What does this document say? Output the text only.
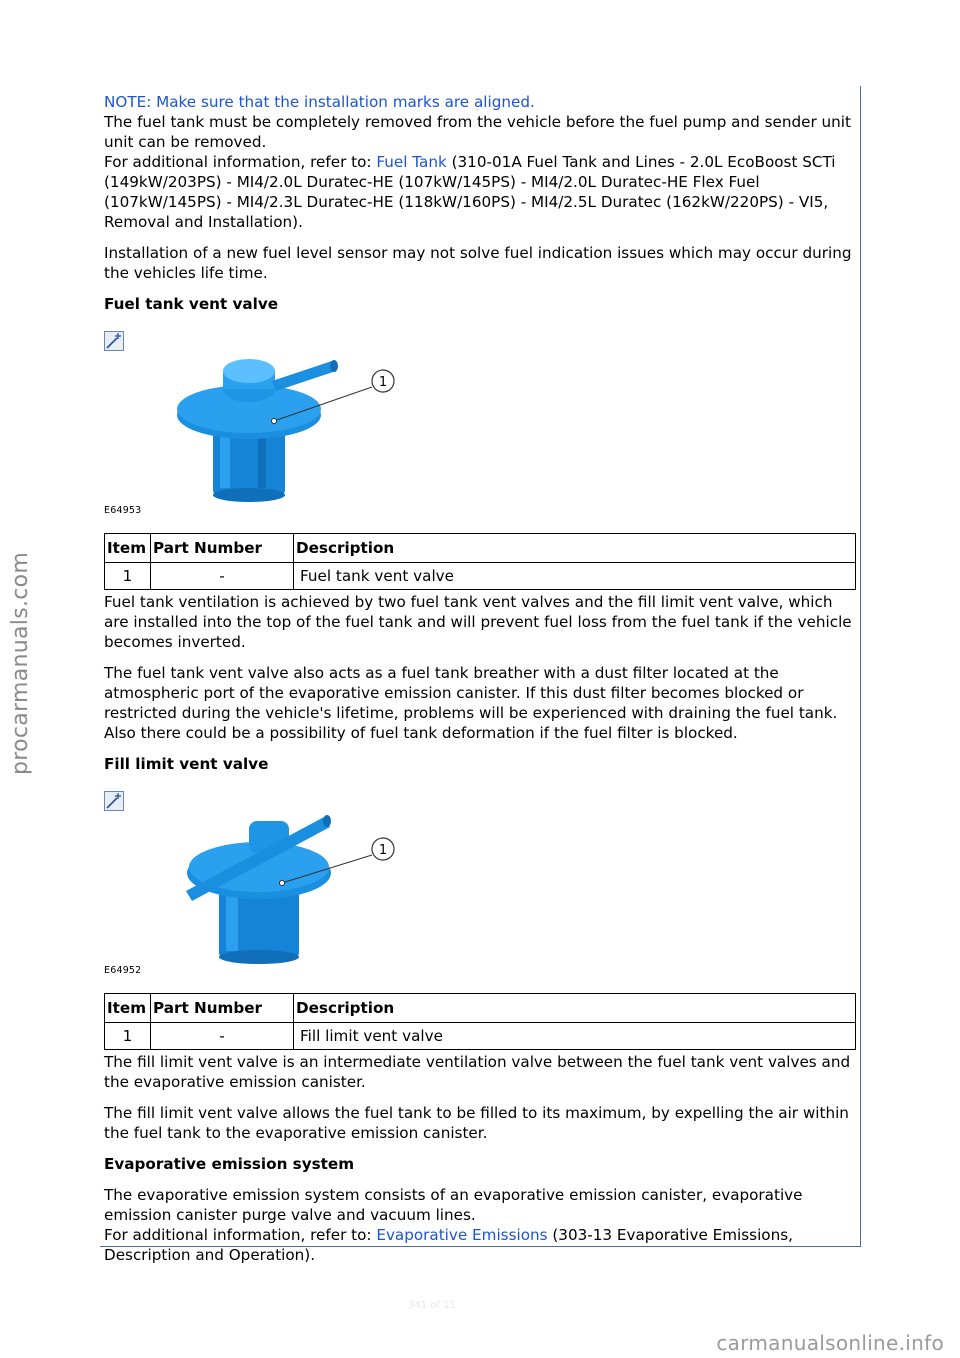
procarmanuals.com
341 of 11
carmanualsonline.info

NOTE: Make sure that the installation marks are aligned.

The fuel tank must be completely removed from the vehicle before the fuel pump and sender unit unit can be removed.

For additional information, refer to: Fuel Tank (310-01A Fuel Tank and Lines - 2.0L EcoBoost SCTi (149kW/203PS) - MI4/2.0L Duratec-HE (107kW/145PS) - MI4/2.0L Duratec-HE Flex Fuel (107kW/145PS) - MI4/2.3L Duratec-HE (118kW/160PS) - MI4/2.5L Duratec (162kW/220PS) - VI5, Removal and Installation).

Installation of a new fuel level sensor may not solve fuel indication issues which may occur during the vehicles life time.

Fuel tank vent valve
1
E64953
Item	Part Number	Description
1	-	Fuel tank vent valve

Fuel tank ventilation is achieved by two fuel tank vent valves and the fill limit vent valve, which are installed into the top of the fuel tank and will prevent fuel loss from the fuel tank if the vehicle becomes inverted.

The fuel tank vent valve also acts as a fuel tank breather with a dust filter located at the atmospheric port of the evaporative emission canister. If this dust filter becomes blocked or restricted during the vehicle's lifetime, problems will be experienced with draining the fuel tank. Also there could be a possibility of fuel tank deformation if the fuel filter is blocked.

Fill limit vent valve
1
E64952
Item	Part Number	Description
1	-	Fill limit vent valve

The fill limit vent valve is an intermediate ventilation valve between the fuel tank vent valves and the evaporative emission canister.

The fill limit vent valve allows the fuel tank to be filled to its maximum, by expelling the air within the fuel tank to the evaporative emission canister.

Evaporative emission system

The evaporative emission system consists of an evaporative emission canister, evaporative emission canister purge valve and vacuum lines.

For additional information, refer to: Evaporative Emissions (303-13 Evaporative Emissions, Description and Operation).
